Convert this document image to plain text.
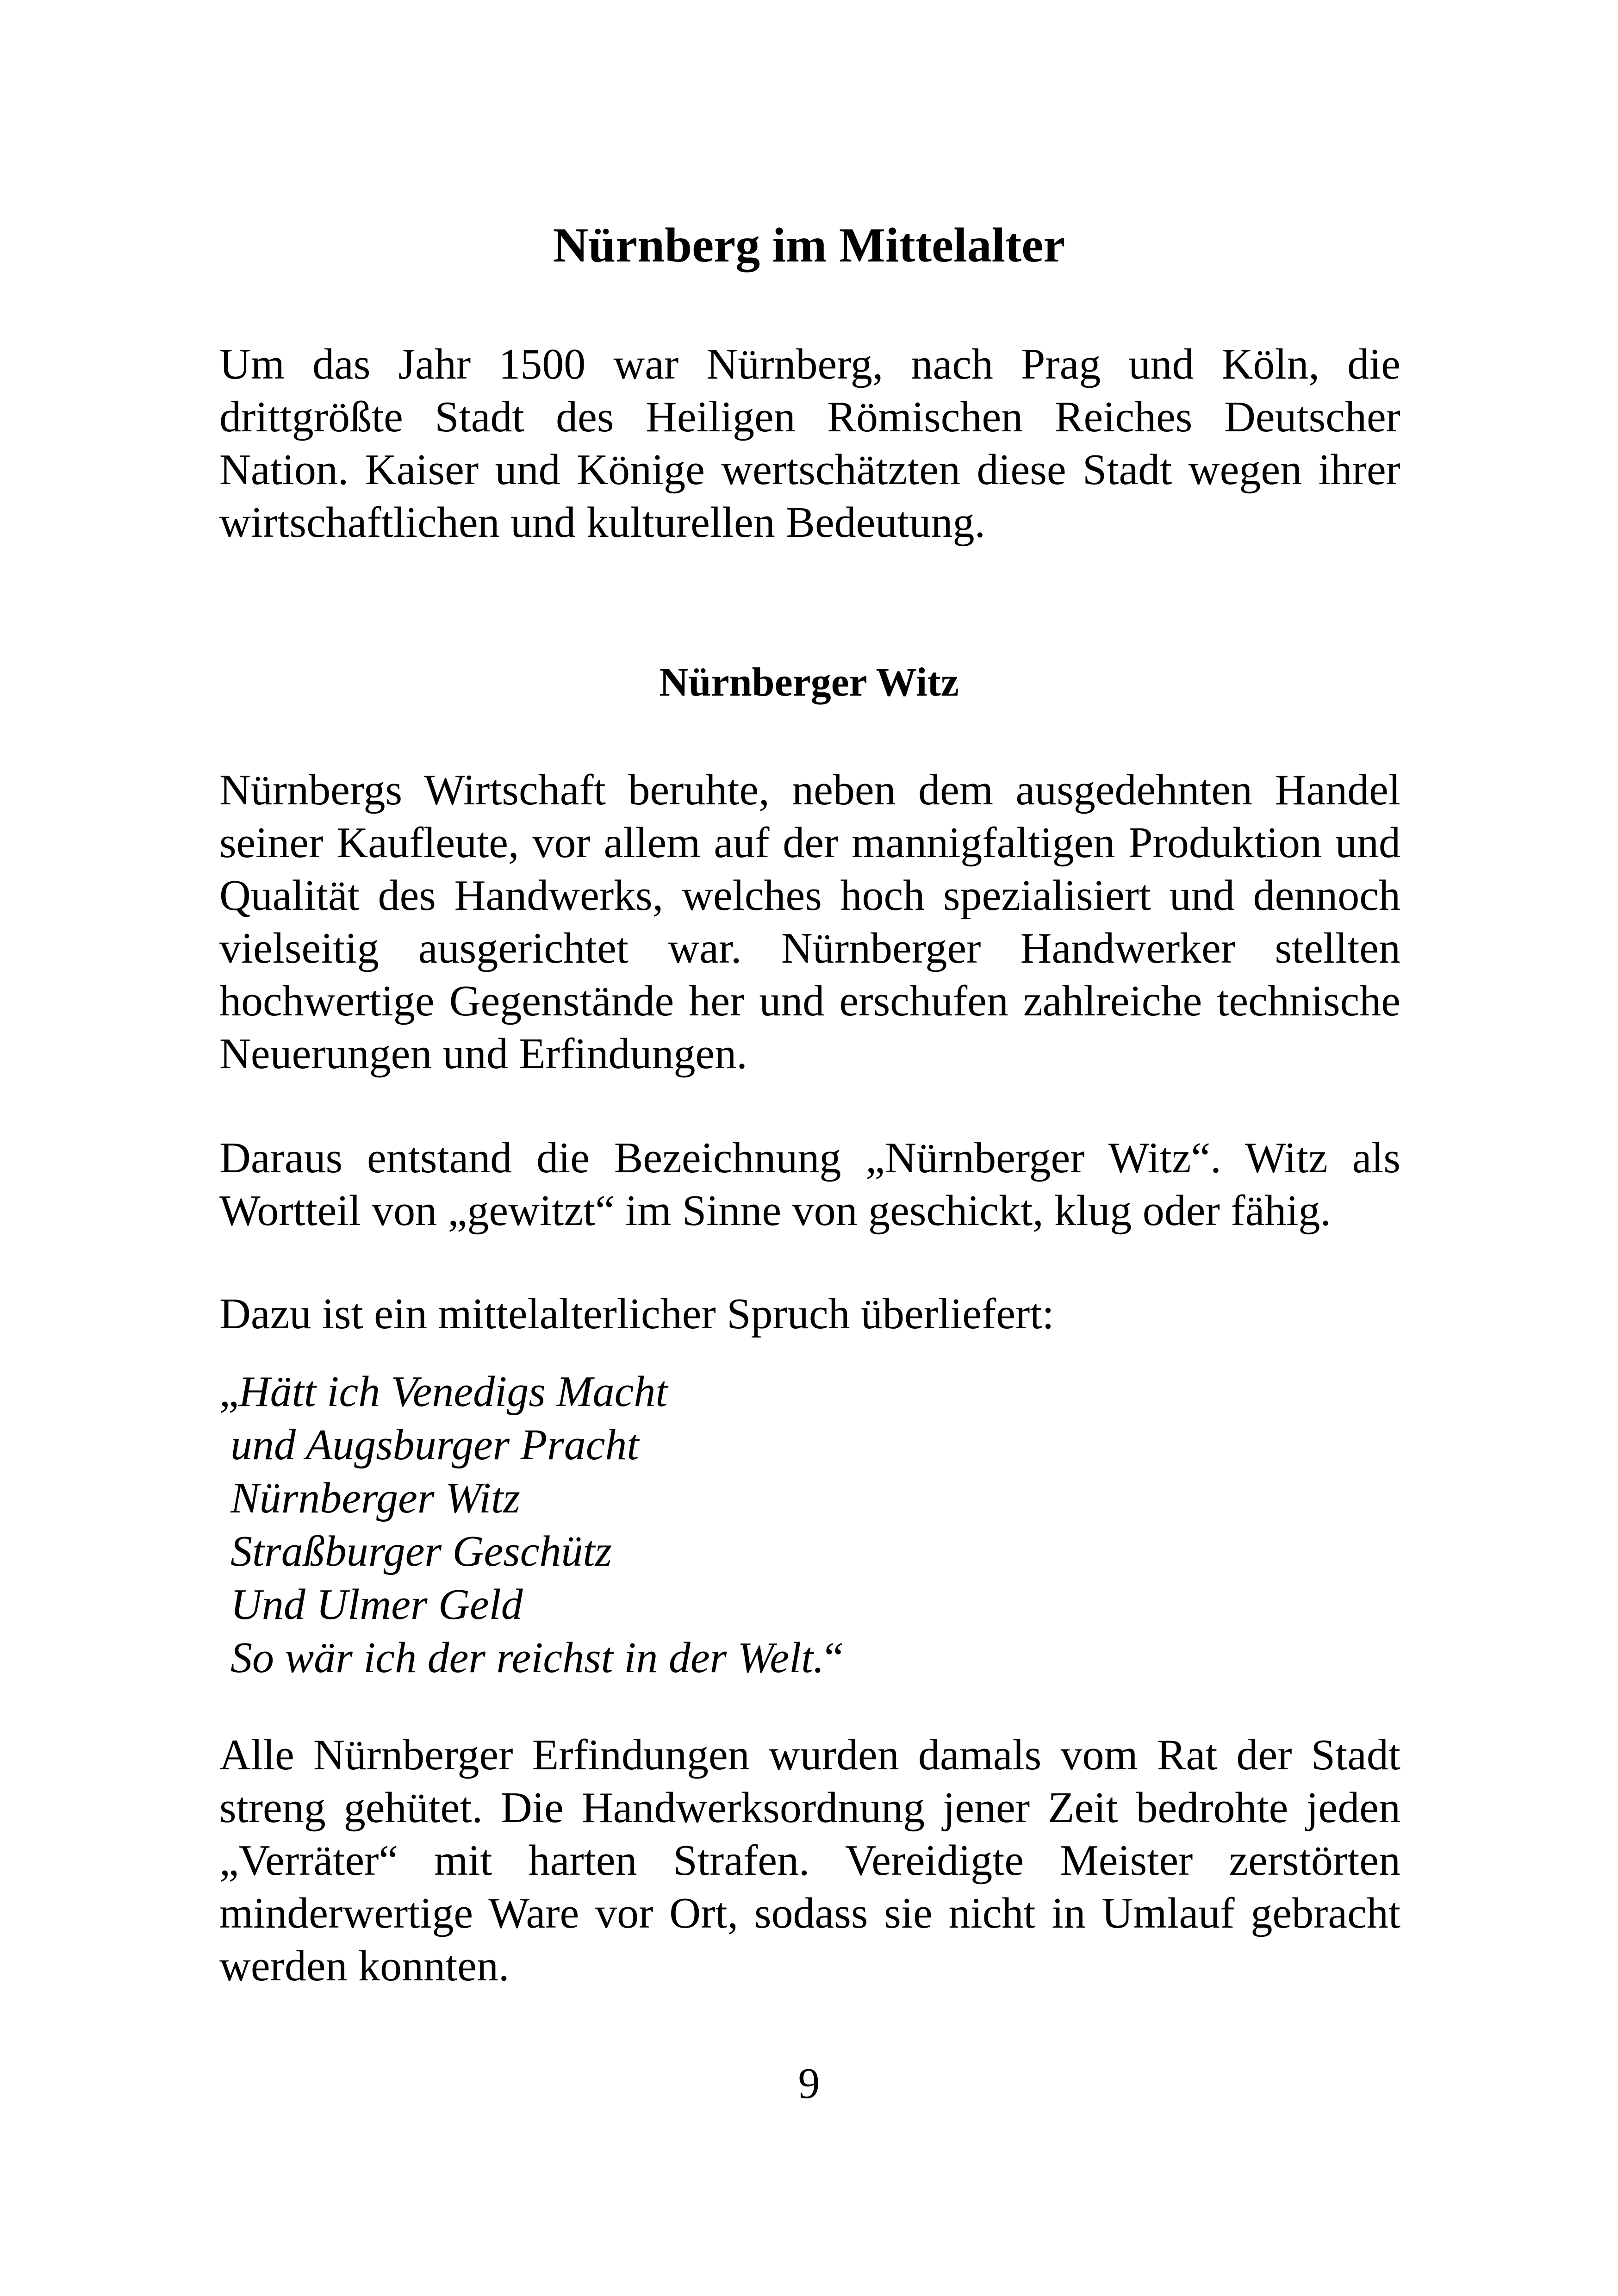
Nürnberg im Mittelalter

Um das Jahr 1500 war Nürnberg, nach Prag und Köln, die drittgrößte Stadt des Heiligen Römischen Reiches Deutscher Nation. Kaiser und Könige wertschätzten diese Stadt wegen ihrer wirtschaftlichen und kulturellen Bedeutung.

Nürnberger Witz

Nürnbergs Wirtschaft beruhte, neben dem ausgedehnten Handel seiner Kaufleute, vor allem auf der mannigfaltigen Produktion und Qualität des Handwerks, welches hoch spezialisiert und dennoch vielseitig ausgerichtet war. Nürnberger Handwerker stellten hochwertige Gegenstände her und erschufen zahlreiche technische Neuerungen und Erfindungen.

Daraus entstand die Bezeichnung „Nürnberger Witz“. Witz als Wortteil von „gewitzt“ im Sinne von geschickt, klug oder fähig.

Dazu ist ein mittelalterlicher Spruch überliefert:

„Hätt ich Venedigs Macht
und Augsburger Pracht
Nürnberger Witz
Straßburger Geschütz
Und Ulmer Geld
So wär ich der reichst in der Welt.“

Alle Nürnberger Erfindungen wurden damals vom Rat der Stadt streng gehütet. Die Handwerksordnung jener Zeit bedrohte jeden „Verräter“ mit harten Strafen. Vereidigte Meister zerstörten minderwertige Ware vor Ort, sodass sie nicht in Umlauf gebracht werden konnten.

9
